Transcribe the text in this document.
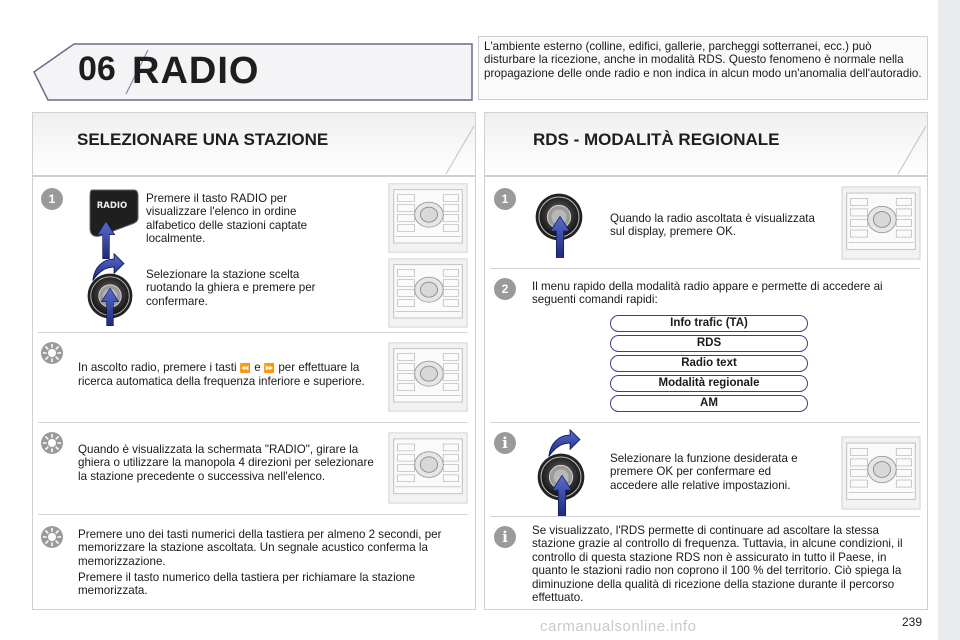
06 RADIO
L'ambiente esterno (colline, edifici, gallerie, parcheggi sotterranei, ecc.) può disturbare la ricezione, anche in modalità RDS. Questo fenomeno è normale nella propagazione delle onde radio e non indica in alcun modo un'anomalia dell'autoradio.
SELEZIONARE UNA STAZIONE
1	RADIO
Premere il tasto RADIO per visualizzare l'elenco in ordine alfabetico delle stazioni captate localmente.
Selezionare la stazione scelta ruotando la ghiera e premere per confermare.
In ascolto radio, premere i tasti ⏪ e ⏩ per effettuare la ricerca automatica della frequenza inferiore e superiore.
Quando è visualizzata la schermata "RADIO", girare la ghiera o utilizzare la manopola 4 direzioni per selezionare la stazione precedente o successiva nell'elenco.
Premere uno dei tasti numerici della tastiera per almeno 2 secondi, per memorizzare la stazione ascoltata. Un segnale acustico conferma la memorizzazione.
Premere il tasto numerico della tastiera per richiamare la stazione memorizzata.
RDS - MODALITÀ REGIONALE
1
Quando la radio ascoltata è visualizzata sul display, premere OK.
2	Il menu rapido della modalità radio appare e permette di accedere ai seguenti comandi rapidi:
Info trafic (TA)
RDS
Radio text
Modalità regionale
AM
i
Selezionare la funzione desiderata e premere OK per confermare ed accedere alle relative impostazioni.
i	Se visualizzato, l'RDS permette di continuare ad ascoltare la stessa stazione grazie al controllo di frequenza. Tuttavia, in alcune condizioni, il controllo di questa stazione RDS non è assicurato in tutto il Paese, in quanto le stazioni radio non coprono il 100 % del territorio. Ciò spiega la diminuzione della qualità di ricezione della stazione durante il percorso effettuato.
239
carmanualsonline.info
